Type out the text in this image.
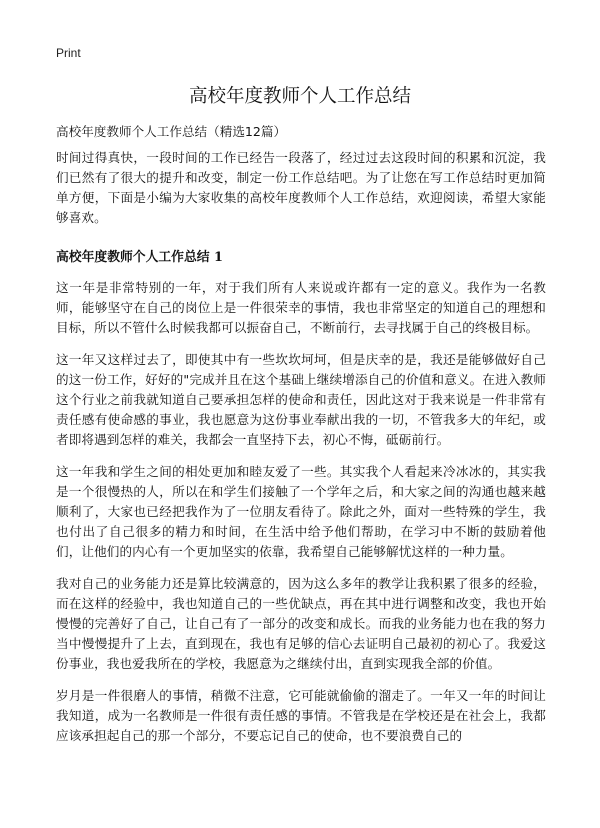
Print
高校年度教师个人工作总结

高校年度教师个人工作总结（精选12篇）

时间过得真快，一段时间的工作已经告一段落了，经过过去这段时间的积累和沉淀，我们已然有了很大的提升和改变，制定一份工作总结吧。为了让您在写工作总结时更加简单方便，下面是小编为大家收集的高校年度教师个人工作总结，欢迎阅读，希望大家能够喜欢。

高校年度教师个人工作总结 1

这一年是非常特别的一年，对于我们所有人来说或许都有一定的意义。我作为一名教师，能够坚守在自己的岗位上是一件很荣幸的事情，我也非常坚定的知道自己的理想和目标，所以不管什么时候我都可以振奋自己，不断前行，去寻找属于自己的终极目标。

这一年又这样过去了，即使其中有一些坎坎坷坷，但是庆幸的是，我还是能够做好自己的这一份工作，好好的"完成并且在这个基础上继续增添自己的价值和意义。在进入教师这个行业之前我就知道自己要承担怎样的使命和责任，因此这对于我来说是一件非常有责任感有使命感的事业，我也愿意为这份事业奉献出我的一切，不管我多大的年纪，或者即将遇到怎样的难关，我都会一直坚持下去，初心不悔，砥砺前行。

这一年我和学生之间的相处更加和睦友爱了一些。其实我个人看起来冷冰冰的，其实我是一个很慢热的人，所以在和学生们接触了一个学年之后，和大家之间的沟通也越来越顺利了，大家也已经把我作为了一位朋友看待了。除此之外，面对一些特殊的学生，我也付出了自己很多的精力和时间，在生活中给予他们帮助，在学习中不断的鼓励着他们，让他们的内心有一个更加坚实的依靠，我希望自己能够解忧这样的一种力量。

我对自己的业务能力还是算比较满意的，因为这么多年的教学让我积累了很多的经验，而在这样的经验中，我也知道自己的一些优缺点，再在其中进行调整和改变，我也开始慢慢的完善好了自己，让自己有了一部分的改变和成长。而我的业务能力也在我的努力当中慢慢提升了上去，直到现在，我也有足够的信心去证明自己最初的初心了。我爱这份事业，我也爱我所在的学校，我愿意为之继续付出，直到实现我全部的价值。

岁月是一件很磨人的事情，稍微不注意，它可能就偷偷的溜走了。一年又一年的时间让我知道，成为一名教师是一件很有责任感的事情。不管我是在学校还是在社会上，我都应该承担起自己的那一个部分，不要忘记自己的使命，也不要浪费自己的
